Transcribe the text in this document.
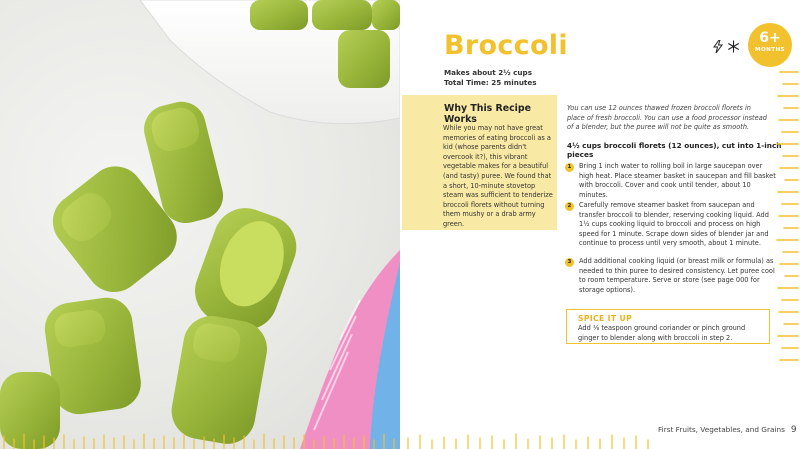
Broccoli
Makes about 2½ cups
Total Time: 25 minutes
6+
MONTHS
Why This Recipe Works

While you may not have great memories of eating broccoli as a kid (whose parents didn't overcook it?), this vibrant vegetable makes for a beautiful (and tasty) puree. We found that a short, 10-minute stovetop steam was sufficient to tenderize broccoli florets without turning them mushy or a drab army green.

You can use 12 ounces thawed frozen broccoli florets in place of fresh broccoli. You can use a food processor instead of a blender, but the puree will not be quite as smooth.

4½ cups broccoli florets (12 ounces), cut into 1-inch pieces

1	Bring 1 inch water to rolling boil in large saucepan over high heat. Place steamer basket in saucepan and fill basket with broccoli. Cover and cook until tender, about 10 minutes.

2	Carefully remove steamer basket from saucepan and transfer broccoli to blender, reserving cooking liquid. Add 1½ cups cooking liquid to broccoli and process on high speed for 1 minute. Scrape down sides of blender jar and continue to process until very smooth, about 1 minute.

3	Add additional cooking liquid (or breast milk or formula) as needed to thin puree to desired consistency. Let puree cool to room temperature. Serve or store (see page 000 for storage options).

SPICE IT UP

Add ⅛ teaspoon ground coriander or pinch ground ginger to blender along with broccoli in step 2.

First Fruits, Vegetables, and Grains 9
